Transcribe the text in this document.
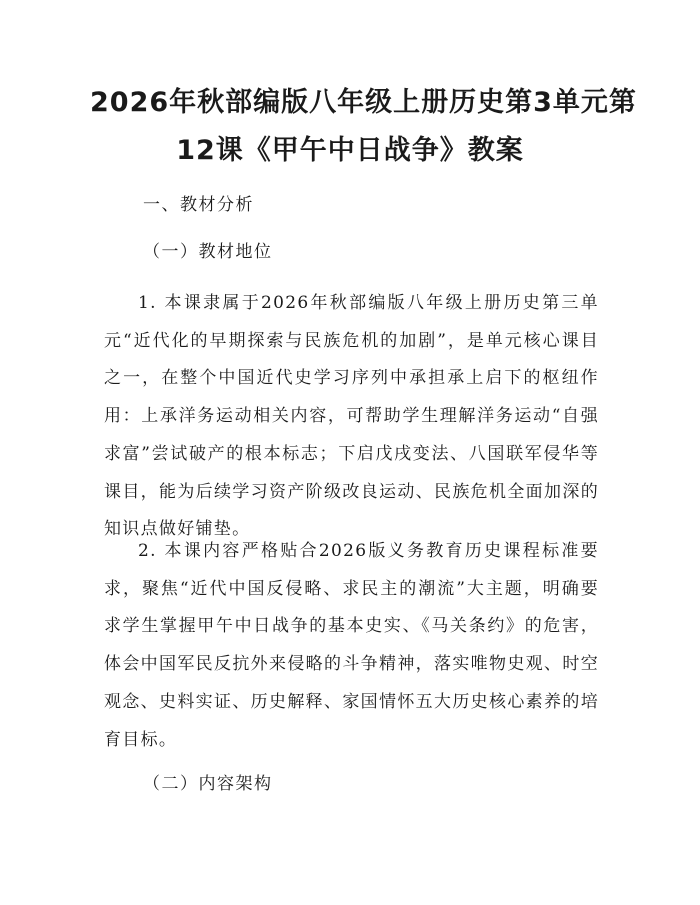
2026年秋部编版八年级上册历史第3单元第
12课《甲午中日战争》教案

一、教材分析

（一）教材地位

1. 本课隶属于2026年秋部编版八年级上册历史第三单元“近代化的早期探索与民族危机的加剧”，是单元核心课目之一，在整个中国近代史学习序列中承担承上启下的枢纽作用：上承洋务运动相关内容，可帮助学生理解洋务运动“自强求富”尝试破产的根本标志；下启戊戌变法、八国联军侵华等课目，能为后续学习资产阶级改良运动、民族危机全面加深的知识点做好铺垫。

2. 本课内容严格贴合2026版义务教育历史课程标准要求，聚焦“近代中国反侵略、求民主的潮流”大主题，明确要求学生掌握甲午中日战争的基本史实、《马关条约》的危害，体会中国军民反抗外来侵略的斗争精神，落实唯物史观、时空观念、史料实证、历史解释、家国情怀五大历史核心素养的培育目标。

（二）内容架构
